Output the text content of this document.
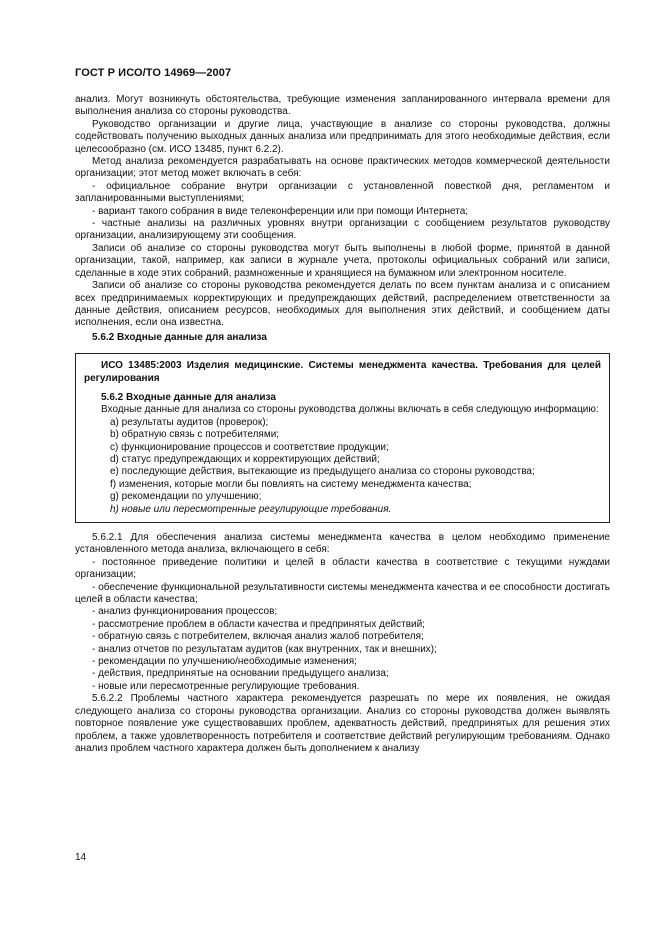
ГОСТ Р ИСО/ТО 14969—2007

анализ. Могут возникнуть обстоятельства, требующие изменения запланированного интервала времени для выполнения анализа со стороны руководства.

Руководство организации и другие лица, участвующие в анализе со стороны руководства, должны содействовать получению выходных данных анализа или предпринимать для этого необходимые действия, если целесообразно (см. ИСО 13485, пункт 6.2.2).

Метод анализа рекомендуется разрабатывать на основе практических методов коммерческой деятельности организации; этот метод может включать в себя:

- официальное собрание внутри организации с установленной повесткой дня, регламентом и запланированными выступлениями;

- вариант такого собрания в виде телеконференции или при помощи Интернета;

- частные анализы на различных уровнях внутри организации с сообщением результатов руководству организации, анализирующему эти сообщения.

Записи об анализе со стороны руководства могут быть выполнены в любой форме, принятой в данной организации, такой, например, как записи в журнале учета, протоколы официальных собраний или записи, сделанные в ходе этих собраний, размноженные и хранящиеся на бумажном или электронном носителе.

Записи об анализе со стороны руководства рекомендуется делать по всем пунктам анализа и с описанием всех предпринимаемых корректирующих и предупреждающих действий, распределением ответственности за данные действия, описанием ресурсов, необходимых для выполнения этих действий, и сообщением даты исполнения, если она известна.

5.6.2 Входные данные для анализа

ИСО 13485:2003 Изделия медицинские. Системы менеджмента качества. Требования для целей регулирования

5.6.2 Входные данные для анализа

Входные данные для анализа со стороны руководства должны включать в себя следующую информацию:

a) результаты аудитов (проверок);

b) обратную связь с потребителями;

c) функционирование процессов и соответствие продукции;

d) статус предупреждающих и корректирующих действий;

e) последующие действия, вытекающие из предыдущего анализа со стороны руководства;

f) изменения, которые могли бы повлиять на систему менеджмента качества;

g) рекомендации по улучшению;

h) новые или пересмотренные регулирующие требования.

5.6.2.1 Для обеспечения анализа системы менеджмента качества в целом необходимо применение установленного метода анализа, включающего в себя:

- постоянное приведение политики и целей в области качества в соответствие с текущими нуждами организации;

- обеспечение функциональной результативности системы менеджмента качества и ее способности достигать целей в области качества;

- анализ функционирования процессов;

- рассмотрение проблем в области качества и предпринятых действий;

- обратную связь с потребителем, включая анализ жалоб потребителя;

- анализ отчетов по результатам аудитов (как внутренних, так и внешних);

- рекомендации по улучшению/необходимые изменения;

- действия, предпринятые на основании предыдущего анализа;

- новые или пересмотренные регулирующие требования.

5.6.2.2 Проблемы частного характера рекомендуется разрешать по мере их появления, не ожидая следующего анализа со стороны руководства организации. Анализ со стороны руководства должен выявлять повторное появление уже существовавших проблем, адекватность действий, предпринятых для решения этих проблем, а также удовлетворенность потребителя и соответствие действий регулирующим требованиям. Однако анализ проблем частного характера должен быть дополнением к анализу

14
